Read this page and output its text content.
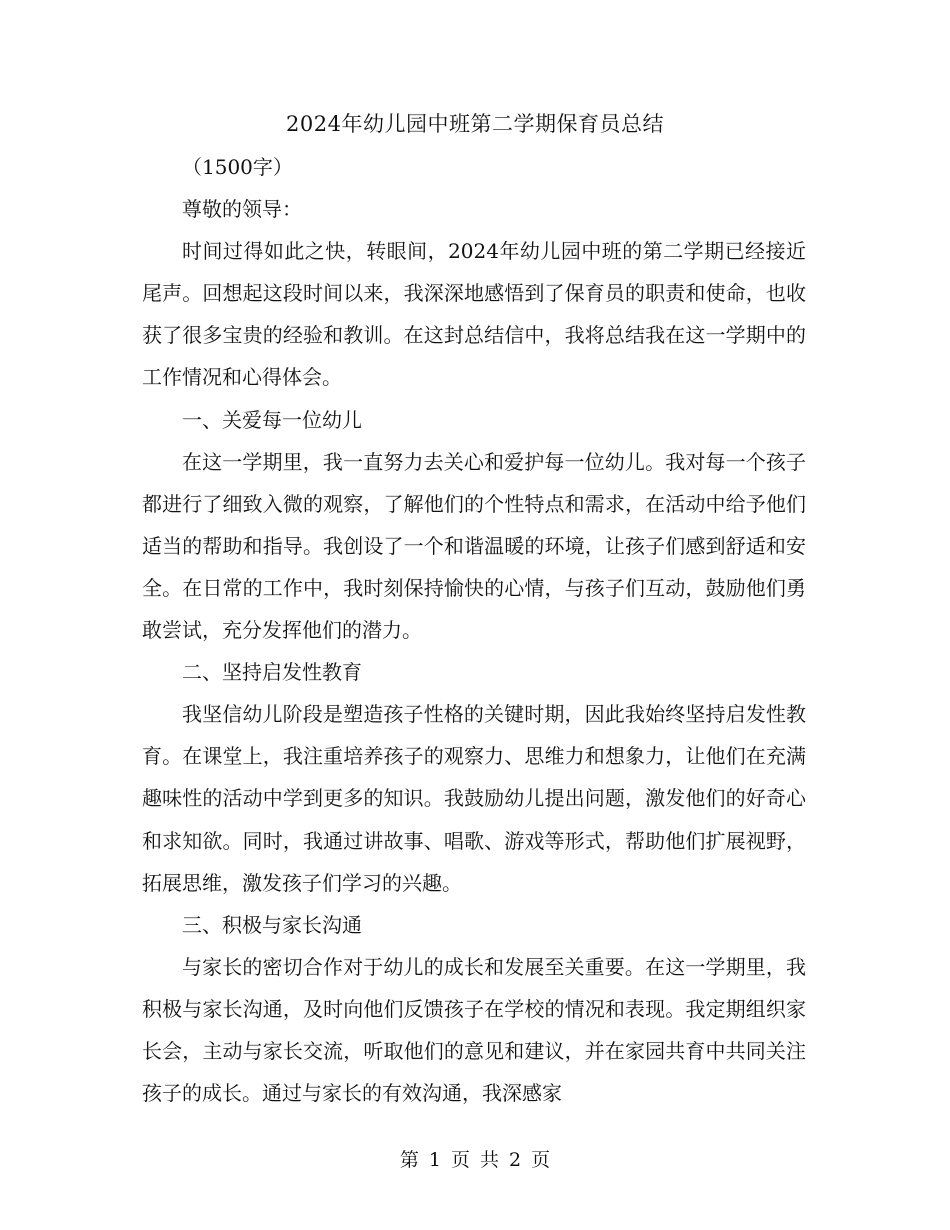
2024年幼儿园中班第二学期保育员总结

（1500字）

尊敬的领导：

时间过得如此之快，转眼间，2024年幼儿园中班的第二学期已经接近尾声。回想起这段时间以来，我深深地感悟到了保育员的职责和使命，也收获了很多宝贵的经验和教训。在这封总结信中，我将总结我在这一学期中的工作情况和心得体会。

一、关爱每一位幼儿

在这一学期里，我一直努力去关心和爱护每一位幼儿。我对每一个孩子都进行了细致入微的观察，了解他们的个性特点和需求，在活动中给予他们适当的帮助和指导。我创设了一个和谐温暖的环境，让孩子们感到舒适和安全。在日常的工作中，我时刻保持愉快的心情，与孩子们互动，鼓励他们勇敢尝试，充分发挥他们的潜力。

二、坚持启发性教育

我坚信幼儿阶段是塑造孩子性格的关键时期，因此我始终坚持启发性教育。在课堂上，我注重培养孩子的观察力、思维力和想象力，让他们在充满趣味性的活动中学到更多的知识。我鼓励幼儿提出问题，激发他们的好奇心和求知欲。同时，我通过讲故事、唱歌、游戏等形式，帮助他们扩展视野，拓展思维，激发孩子们学习的兴趣。

三、积极与家长沟通

与家长的密切合作对于幼儿的成长和发展至关重要。在这一学期里，我积极与家长沟通，及时向他们反馈孩子在学校的情况和表现。我定期组织家长会，主动与家长交流，听取他们的意见和建议，并在家园共育中共同关注孩子的成长。通过与家长的有效沟通，我深感家

第 1 页 共 2 页
